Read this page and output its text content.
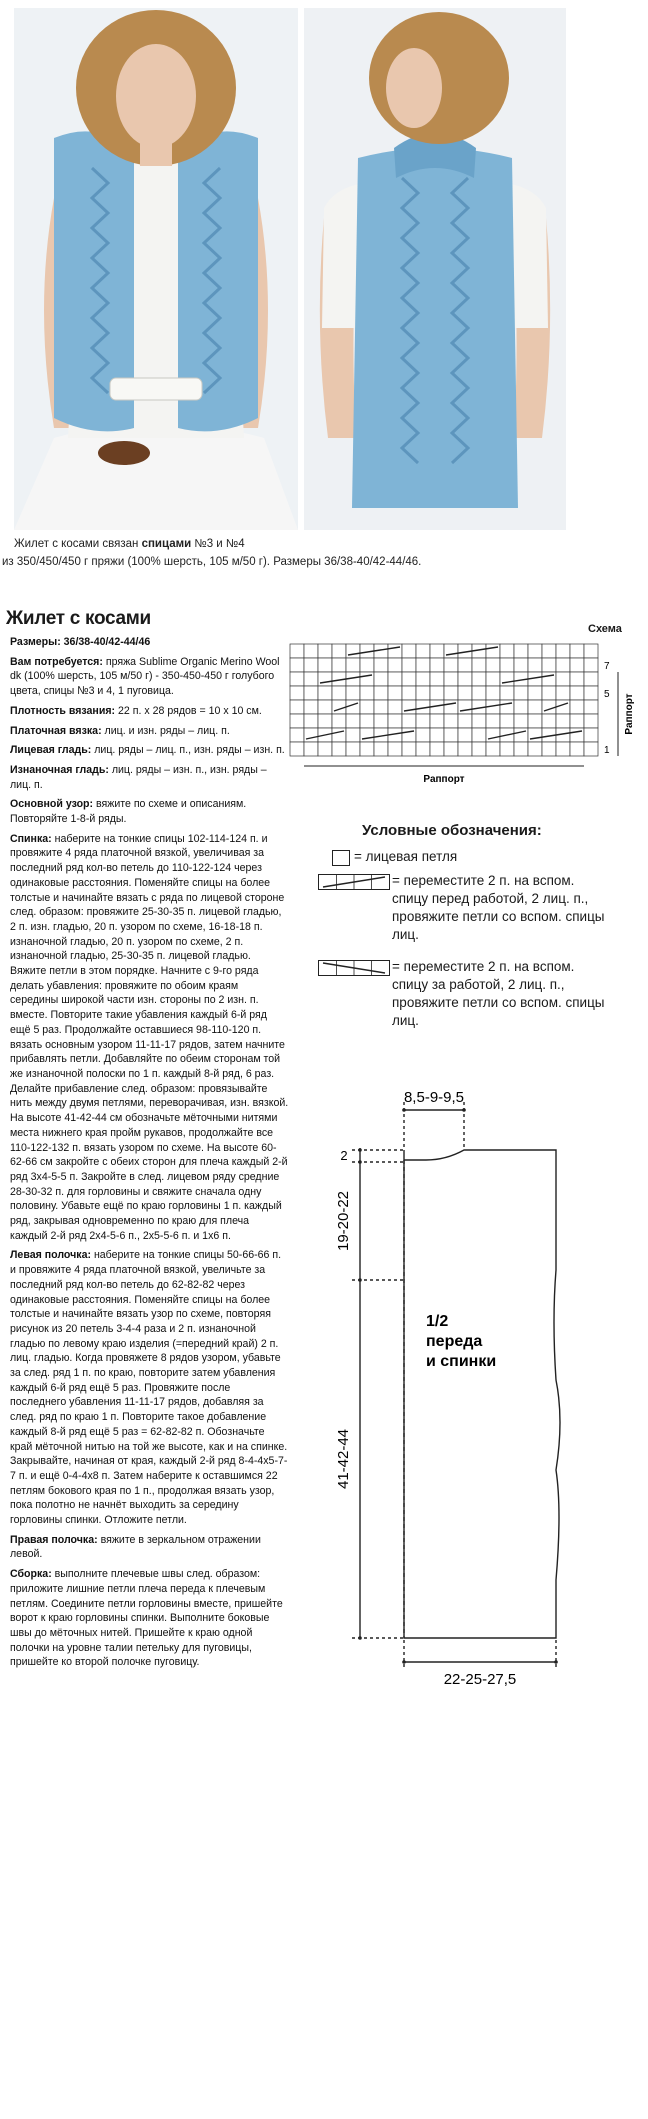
Жилет с косами связан спицами №3 и №4
из 350/450/450 г пряжи (100% шерсть, 105 м/50 г). Размеры 36/38-40/42-44/46.
Жилет с косами

Размеры: 36/38-40/42-44/46

Вам потребуется: пряжа Sublime Organic Merino Wool dk (100% шерсть, 105 м/50 г) - 350-450-450 г голубого цвета, спицы №3 и 4, 1 пуговица.

Плотность вязания: 22 п. х 28 рядов = 10 х 10 см.

Платочная вязка: лиц. и изн. ряды – лиц. п.

Лицевая гладь: лиц. ряды – лиц. п., изн. ряды – изн. п.

Изнаночная гладь: лиц. ряды – изн. п., изн. ряды – лиц. п.

Основной узор: вяжите по схеме и описаниям. Повторяйте 1-8-й ряды.

Спинка: наберите на тонкие спицы 102-114-124 п. и провяжите 4 ряда платочной вязкой, увеличивая за последний ряд кол-во петель до 110-122-124 через одинаковые расстояния. Поменяйте спицы на более толстые и начинайте вязать с ряда по лицевой стороне след. образом: провяжите 25-30-35 п. лицевой гладью, 2 п. изн. гладью, 20 п. узором по схеме, 16-18-18 п. изнаночной гладью, 20 п. узором по схеме, 2 п. изнаночной гладью, 25-30-35 п. лицевой гладью. Вяжите петли в этом порядке. Начните с 9-го ряда делать убавления: провяжите по обоим краям середины широкой части изн. стороны по 2 изн. п. вместе. Повторите такие убавления каждый 6-й ряд ещё 5 раз. Продолжайте оставшиеся 98-110-120 п. вязать основным узором 11-11-17 рядов, затем начните прибавлять петли. Добавляйте по обеим сторонам той же изнаночной полоски по 1 п. каждый 8-й ряд, 6 раз. Делайте прибавление след. образом: провязывайте нить между двумя петлями, переворачивая, изн. вязкой. На высоте 41-42-44 см обозначьте мёточными нитями места нижнего края пройм рукавов, продолжайте все 110-122-132 п. вязать узором по схеме. На высоте 60-62-66 см закройте с обеих сторон для плеча каждый 2-й ряд 3х4-5-5 п. Закройте в след. лицевом ряду средние 28-30-32 п. для горловины и свяжите сначала одну половину. Убавьте ещё по краю горловины 1 п. каждый ряд, закрывая одновременно по краю для плеча каждый 2-й ряд 2х4-5-6 п., 2х5-5-6 п. и 1х6 п.

Левая полочка: наберите на тонкие спицы 50-66-66 п. и провяжите 4 ряда платочной вязкой, увеличьте за последний ряд кол-во петель до 62-82-82 через одинаковые расстояния. Поменяйте спицы на более толстые и начинайте вязать узор по схеме, повторяя рисунок из 20 петель 3-4-4 раза и 2 п. изнаночной гладью по левому краю изделия (=передний край) 2 п. лиц. гладью. Когда провяжете 8 рядов узором, убавьте за след. ряд 1 п. по краю, повторите затем убавления каждый 6-й ряд ещё 5 раз. Провяжите после последнего убавления 11-11-17 рядов, добавляя за след. ряд по краю 1 п. Повторите такое добавление каждый 8-й ряд ещё 5 раз = 62-82-82 п. Обозначьте край мёточной нитью на той же высоте, как и на спинке. Закрывайте, начиная от края, каждый 2-й ряд 8-4-4х5-7-7 п. и ещё 0-4-4х8 п. Затем наберите к оставшимся 22 петлям бокового края по 1 п., продолжая вязать узор, пока полотно не начнёт выходить за середину горловины спинки. Отложите петли.

Правая полочка: вяжите в зеркальном отражении левой.

Сборка: выполните плечевые швы след. образом: приложите лишние петли плеча переда к плечевым петлям. Соедините петли горловины вместе, пришейте ворот к краю горловины спинки. Выполните боковые швы до мёточных нитей. Пришейте к краю одной полочки на уровне талии петельку для пуговицы, пришейте ко второй полочке пуговицу.

Схема
1
5
7
Раппорт
Раппорт
Условные обозначения:
= лицевая петля
= переместите 2 п. на вспом. спицу перед работой, 2 лиц. п., провяжите петли со вспом. спицы лиц.
= переместите 2 п. на вспом. спицу за работой, 2 лиц. п., провяжите петли со вспом. спицы лиц.
8,5-9-9,5
2
19-20-22
41-42-44
22-25-27,5
1/2
переда
и спинки
